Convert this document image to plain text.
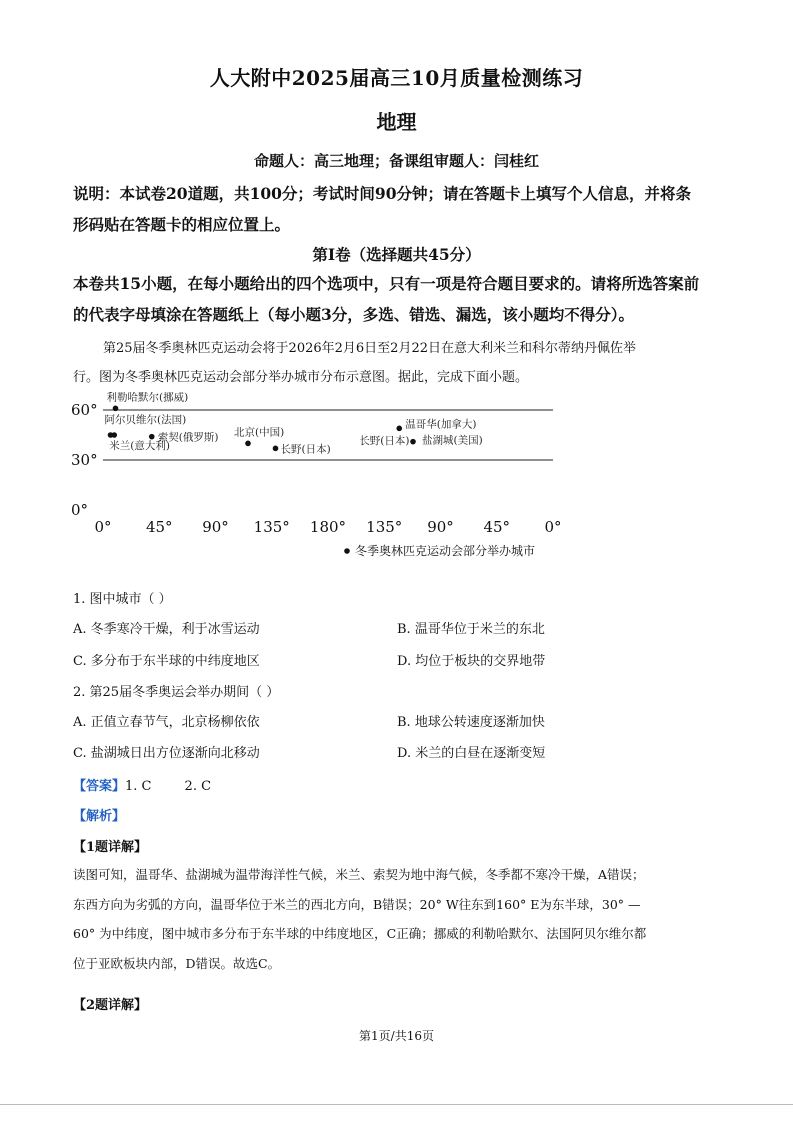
人大附中2025届高三10月质量检测练习
地理
命题人：高三地理；备课组审题人：闫桂红
说明：本试卷20道题，共100分；考试时间90分钟；请在答题卡上填写个人信息，并将条
形码贴在答题卡的相应位置上。
第Ⅰ卷（选择题共45分）
本卷共15小题，在每小题给出的四个选项中，只有一项是符合题目要求的。请将所选答案前
的代表字母填涂在答题纸上（每小题3分，多选、错选、漏选，该小题均不得分）。
第25届冬季奥林匹克运动会将于2026年2月6日至2月22日在意大利米兰和科尔蒂纳丹佩佐举
行。图为冬季奥林匹克运动会部分举办城市分布示意图。据此，完成下面小题。
60°
30°
0°
0° 45° 90° 135° 180° 135° 90° 45° 0°
利勒哈默尔(挪威)
阿尔贝维尔(法国)
索契(俄罗斯)
米兰(意大利)
北京(中国)
长野(日本)
长野(日本)
温哥华(加拿大)
盐湖城(美国)
冬季奥林匹克运动会部分举办城市
1. 图中城市（ ）
A. 冬季寒冷干燥，利于冰雪运动	B. 温哥华位于米兰的东北
C. 多分布于东半球的中纬度地区	D. 均位于板块的交界地带
2. 第25届冬季奥运会举办期间（ ）
A. 正值立春节气，北京杨柳依依	B. 地球公转速度逐渐加快
C. 盐湖城日出方位逐渐向北移动	D. 米兰的白昼在逐渐变短
【答案】1. C        2. C
【解析】
【1题详解】
读图可知，温哥华、盐湖城为温带海洋性气候，米兰、索契为地中海气候，冬季都不寒冷干燥，A错误；
东西方向为劣弧的方向，温哥华位于米兰的西北方向，B错误；20° W往东到160° E为东半球，30° —
60° 为中纬度，图中城市多分布于东半球的中纬度地区，C正确；挪威的利勒哈默尔、法国阿贝尔维尔都
位于亚欧板块内部，D错误。故选C。
【2题详解】
第1页/共16页
